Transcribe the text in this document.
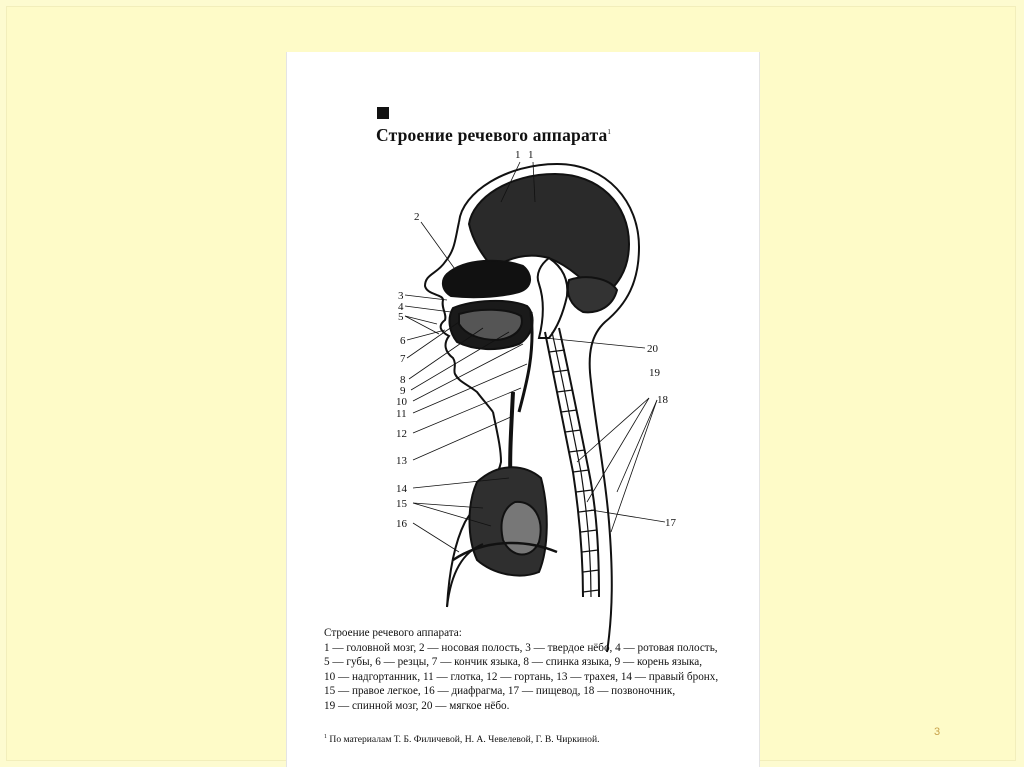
Строение речевого аппарата$^1$
1 1
2
3
4
5
6
7
8
9
10
11
12
13
14
15
16	17
18
19
20
Строение речевого аппарата:
1 — головной мозг, 2 — носовая полость, 3 — твердое нёбо, 4 — ротовая полость,
5 — губы, 6 — резцы, 7 — кончик языка, 8 — спинка языка, 9 — корень языка,
10 — надгортанник, 11 — глотка, 12 — гортань, 13 — трахея, 14 — правый бронх,
15 — правое легкое, 16 — диафрагма, 17 — пищевод, 18 — позвоночник,
19 — спинной мозг, 20 — мягкое нёбо.
$^1$ По материалам Т. Б. Филичевой, Н. А. Чевелевой, Г. В. Чиркиной.
3
